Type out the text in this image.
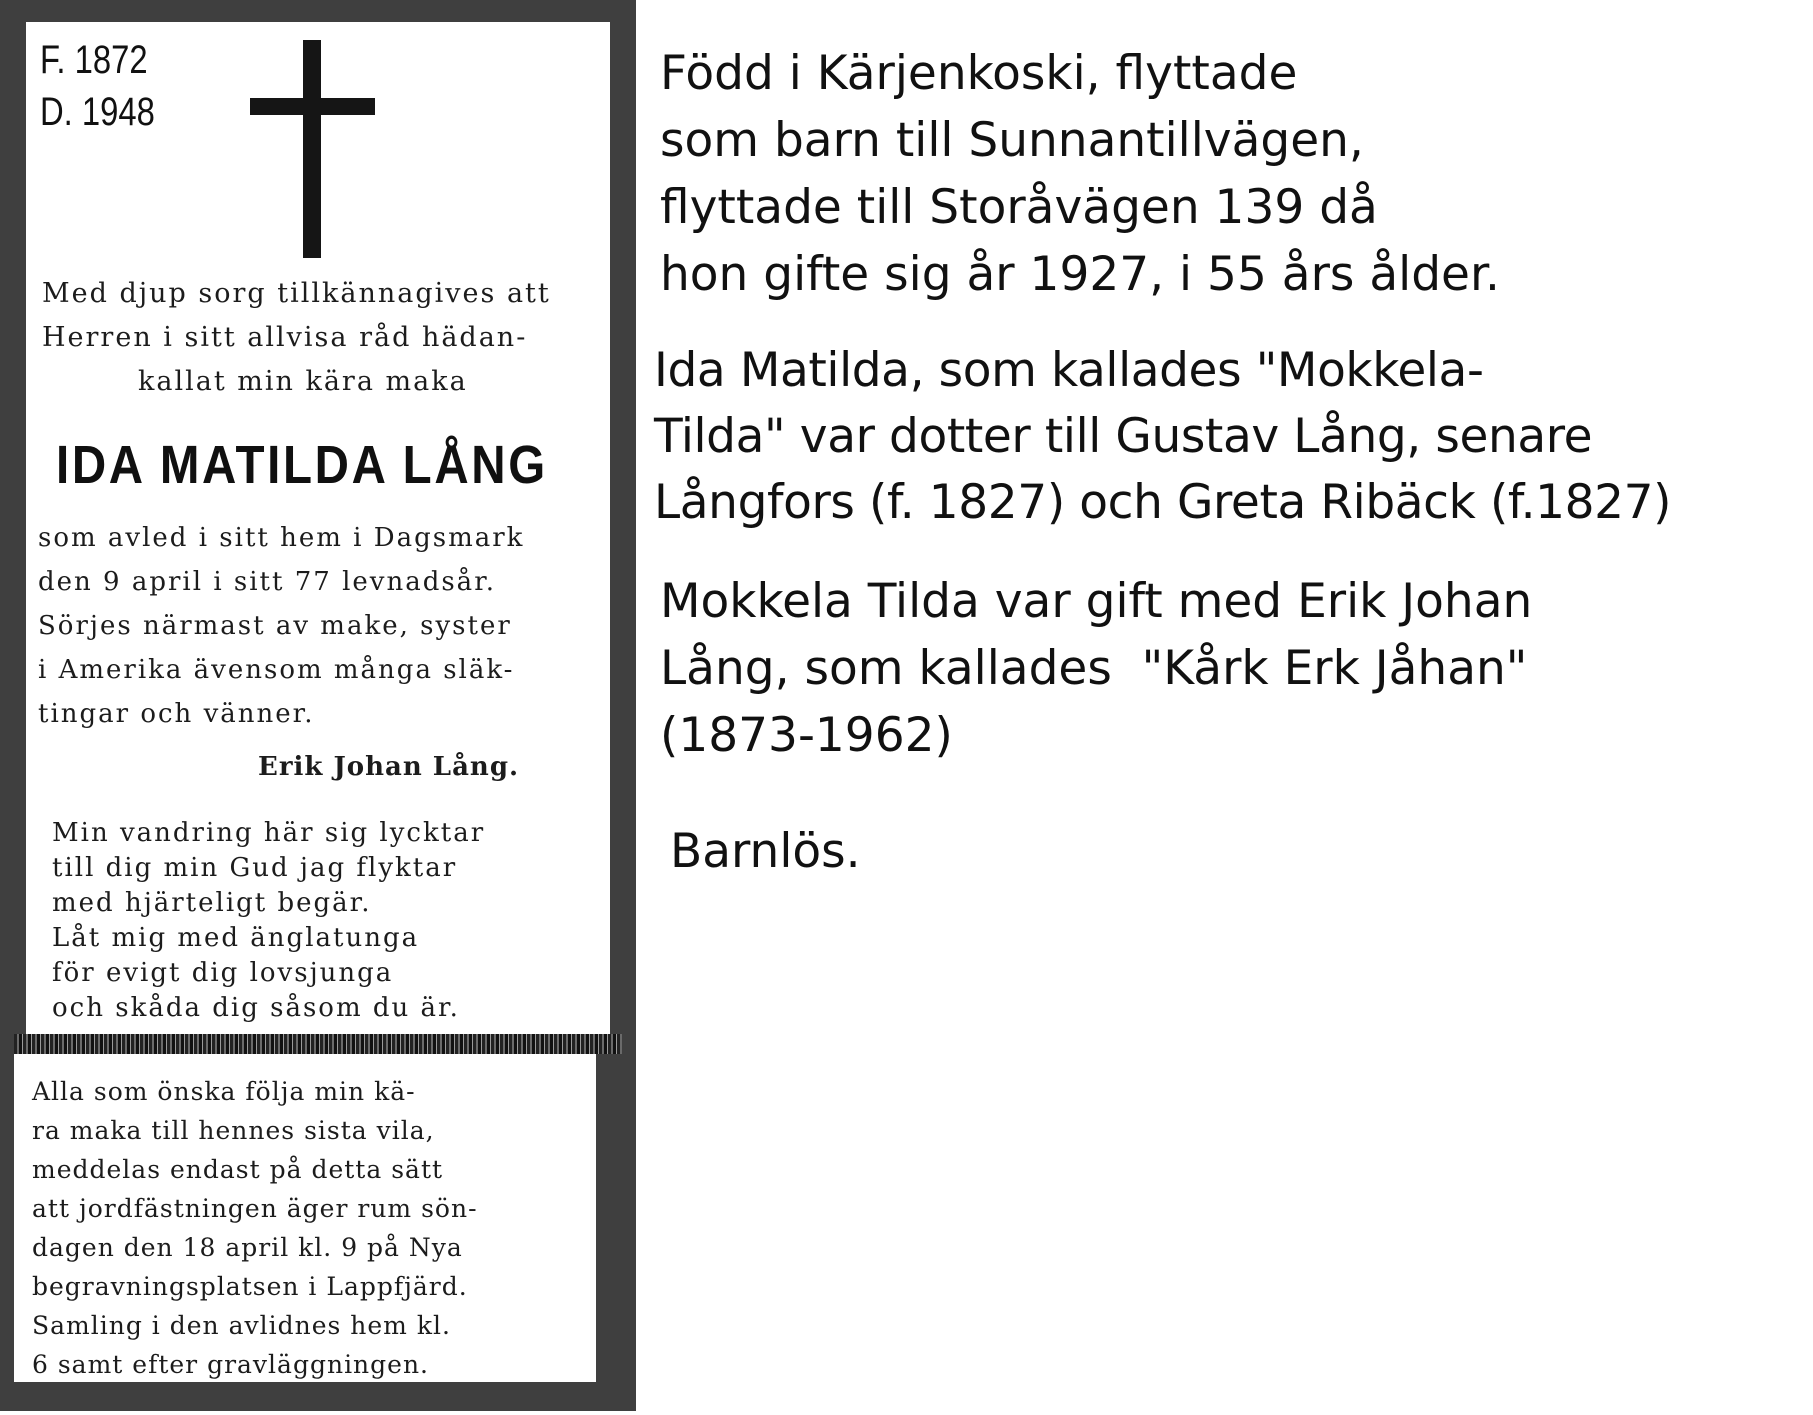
F. 1872
D. 1948
Med djup sorg tillkännagives att
Herren i sitt allvisa råd hädan-
kallat min kära maka
IDA MATILDA LÅNG
som avled i sitt hem i Dagsmark
den 9 april i sitt 77 levnadsår.
Sörjes närmast av make, syster
i Amerika ävensom många släk-
tingar och vänner.
Erik Johan Lång.
Min vandring här sig lycktar
till dig min Gud jag flyktar
med hjärteligt begär.
Låt mig med änglatunga
för evigt dig lovsjunga
och skåda dig såsom du är.
Alla som önska följa min kä-
ra maka till hennes sista vila,
meddelas endast på detta sätt
att jordfästningen äger rum sön-
dagen den 18 april kl. 9 på Nya
begravningsplatsen i Lappfjärd.
Samling i den avlidnes hem kl.
6 samt efter gravläggningen.
Född i Kärjenkoski, flyttade
som barn till Sunnantillvägen,
flyttade till Storåvägen 139 då
hon gifte sig år 1927, i 55 års ålder.
Ida Matilda, som kallades "Mokkela-
Tilda" var dotter till Gustav Lång, senare
Långfors (f. 1827) och Greta Ribäck (f.1827)
Mokkela Tilda var gift med Erik Johan
Lång, som kallades  "Kårk Erk Jåhan"
(1873-1962)
Barnlös.
